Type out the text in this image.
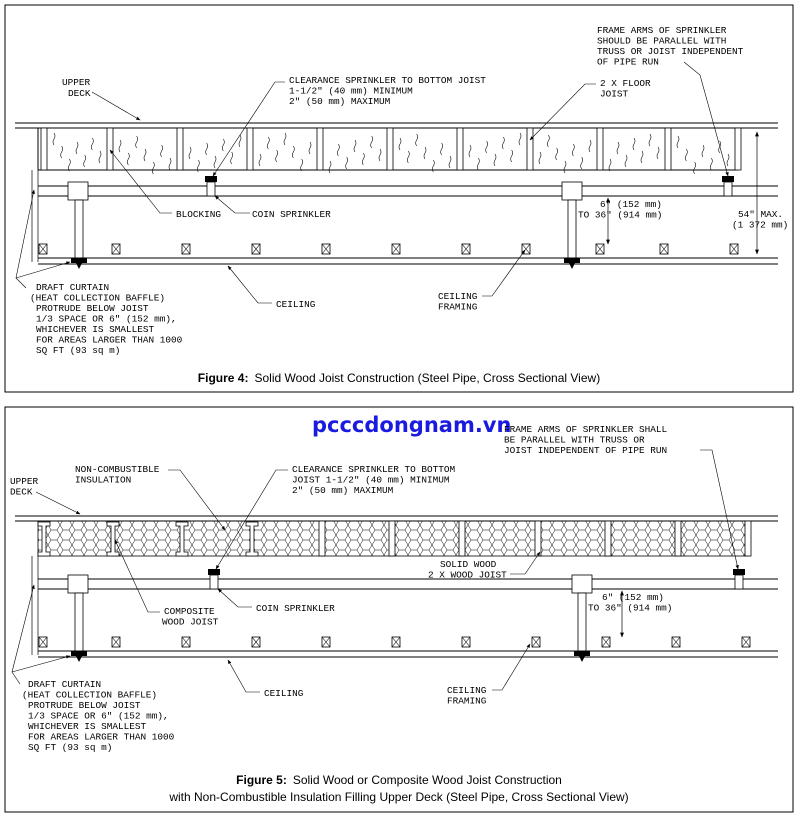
UPPER DECK
CLEARANCE SPRINKLER TO BOTTOM JOIST 1-1/2" (40 mm) MINIMUM 2" (50 mm) MAXIMUM
FRAME ARMS OF SPRINKLER SHOULD BE PARALLEL WITH TRUSS OR JOIST INDEPENDENT OF PIPE RUN
2 X FLOOR JOIST
BLOCKING	COIN SPRINKLER
6" (152 mm) TO 36" (914 mm)	54" MAX. (1 372 mm)
DRAFT CURTAIN (HEAT COLLECTION BAFFLE) PROTRUDE BELOW JOIST 1/3 SPACE OR 6" (152 mm), WHICHEVER IS SMALLEST FOR AREAS LARGER THAN 1000 SQ FT (93 sq m)
CEILING
CEILING FRAMING
Figure 4: Solid Wood Joist Construction (Steel Pipe, Cross Sectional View)
pcccdongnam.vn
UPPER DECK
NON-COMBUSTIBLE INSULATION
CLEARANCE SPRINKLER TO BOTTOM JOIST 1-1/2" (40 mm) MINIMUM 2" (50 mm) MAXIMUM
FRAME ARMS OF SPRINKLER SHALL BE PARALLEL WITH TRUSS OR JOIST INDEPENDENT OF PIPE RUN
SOLID WOOD 2 X WOOD JOIST
COMPOSITE WOOD JOIST
COIN SPRINKLER
6" (152 mm) TO 36" (914 mm)
DRAFT CURTAIN (HEAT COLLECTION BAFFLE) PROTRUDE BELOW JOIST 1/3 SPACE OR 6" (152 mm), WHICHEVER IS SMALLEST FOR AREAS LARGER THAN 1000 SQ FT (93 sq m)
CEILING	CEILING FRAMING
Figure 5: Solid Wood or Composite Wood Joist Construction
with Non-Combustible Insulation Filling Upper Deck (Steel Pipe, Cross Sectional View)
